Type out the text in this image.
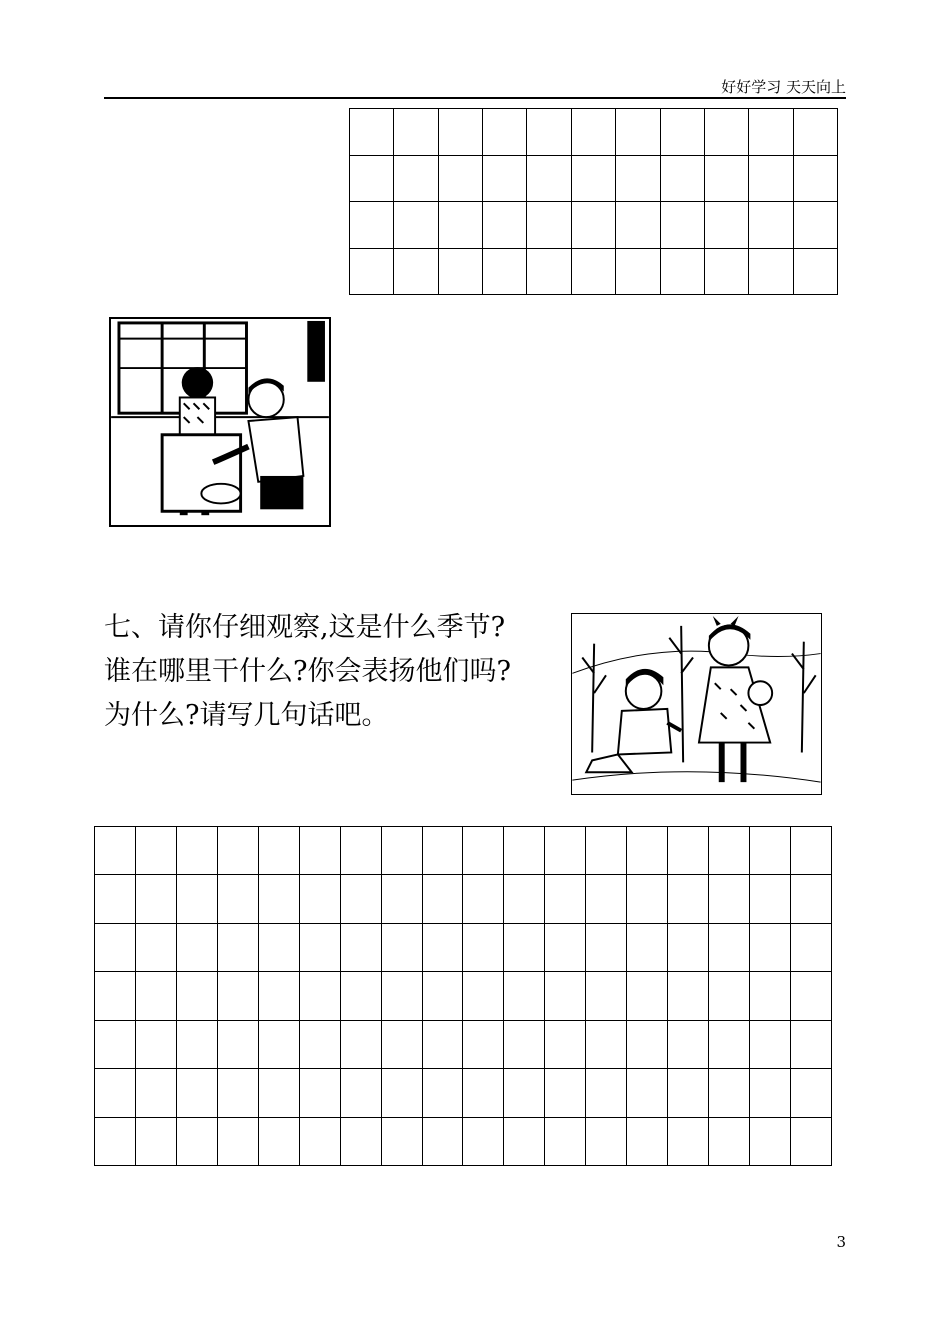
好好学习 天天向上

七、请你仔细观察,这是什么季节?

谁在哪里干什么?你会表扬他们吗?

为什么?请写几句话吧。

3
